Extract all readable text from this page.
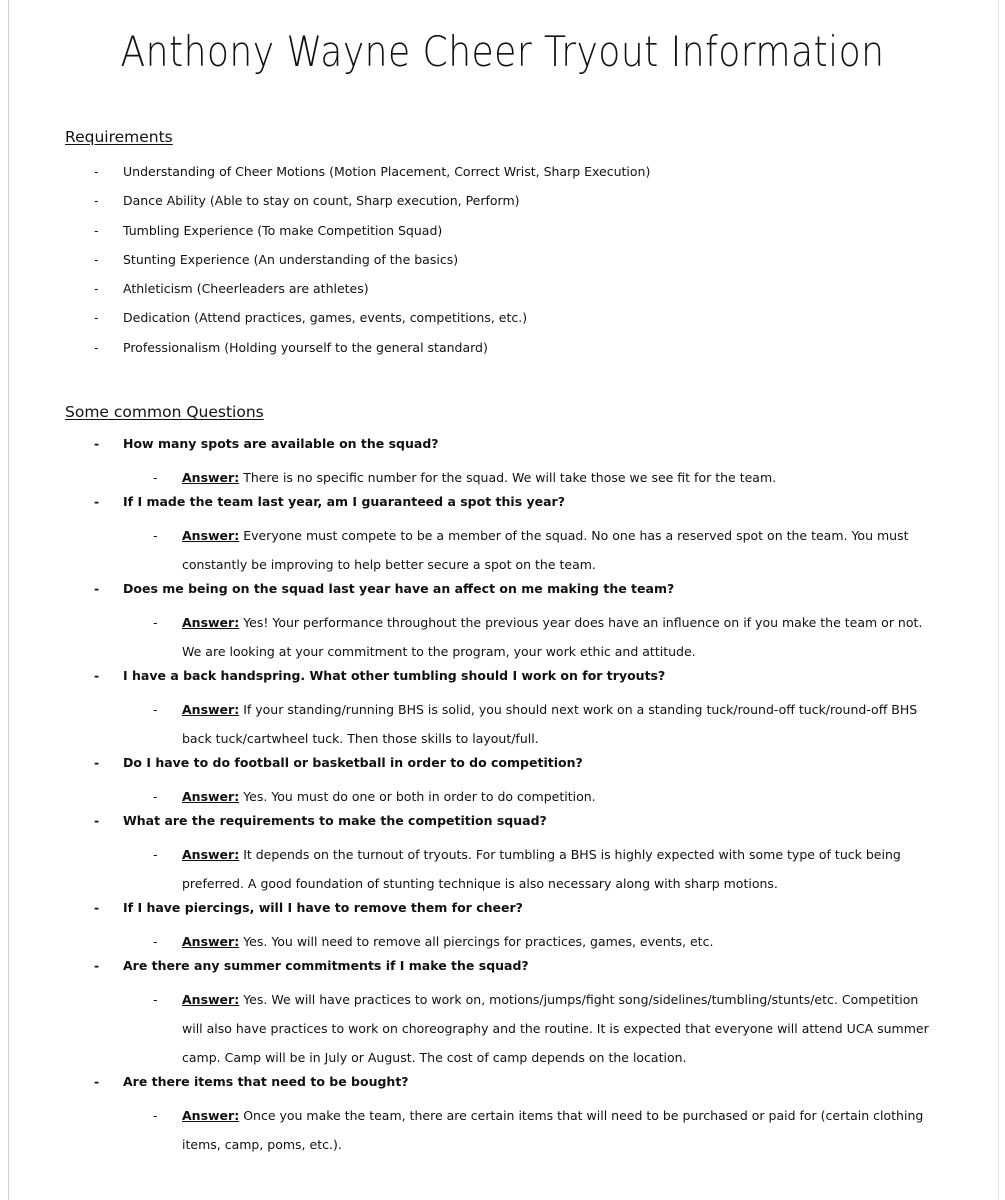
Anthony Wayne Cheer Tryout Information
Requirements
- Understanding of Cheer Motions (Motion Placement, Correct Wrist, Sharp Execution)
- Dance Ability (Able to stay on count, Sharp execution, Perform)
- Tumbling Experience (To make Competition Squad)
- Stunting Experience (An understanding of the basics)
- Athleticism (Cheerleaders are athletes)
- Dedication (Attend practices, games, events, competitions, etc.)
- Professionalism (Holding yourself to the general standard)
Some common Questions
- How many spots are available on the squad?
- Answer: There is no specific number for the squad. We will take those we see fit for the team.
- If I made the team last year, am I guaranteed a spot this year?
- Answer: Everyone must compete to be a member of the squad. No one has a reserved spot on the team. You must constantly be improving to help better secure a spot on the team.
- Does me being on the squad last year have an affect on me making the team?
- Answer: Yes! Your performance throughout the previous year does have an influence on if you make the team or not. We are looking at your commitment to the program, your work ethic and attitude.
- I have a back handspring. What other tumbling should I work on for tryouts?
- Answer: If your standing/running BHS is solid, you should next work on a standing tuck/round-off tuck/round-off BHS back tuck/cartwheel tuck. Then those skills to layout/full.
- Do I have to do football or basketball in order to do competition?
- Answer: Yes. You must do one or both in order to do competition.
- What are the requirements to make the competition squad?
- Answer: It depends on the turnout of tryouts. For tumbling a BHS is highly expected with some type of tuck being preferred. A good foundation of stunting technique is also necessary along with sharp motions.
- If I have piercings, will I have to remove them for cheer?
- Answer: Yes. You will need to remove all piercings for practices, games, events, etc.
- Are there any summer commitments if I make the squad?
- Answer: Yes. We will have practices to work on, motions/jumps/fight song/sidelines/tumbling/stunts/etc. Competition will also have practices to work on choreography and the routine. It is expected that everyone will attend UCA summer camp. Camp will be in July or August. The cost of camp depends on the location.
- Are there items that need to be bought?
- Answer: Once you make the team, there are certain items that will need to be purchased or paid for (certain clothing items, camp, poms, etc.).
